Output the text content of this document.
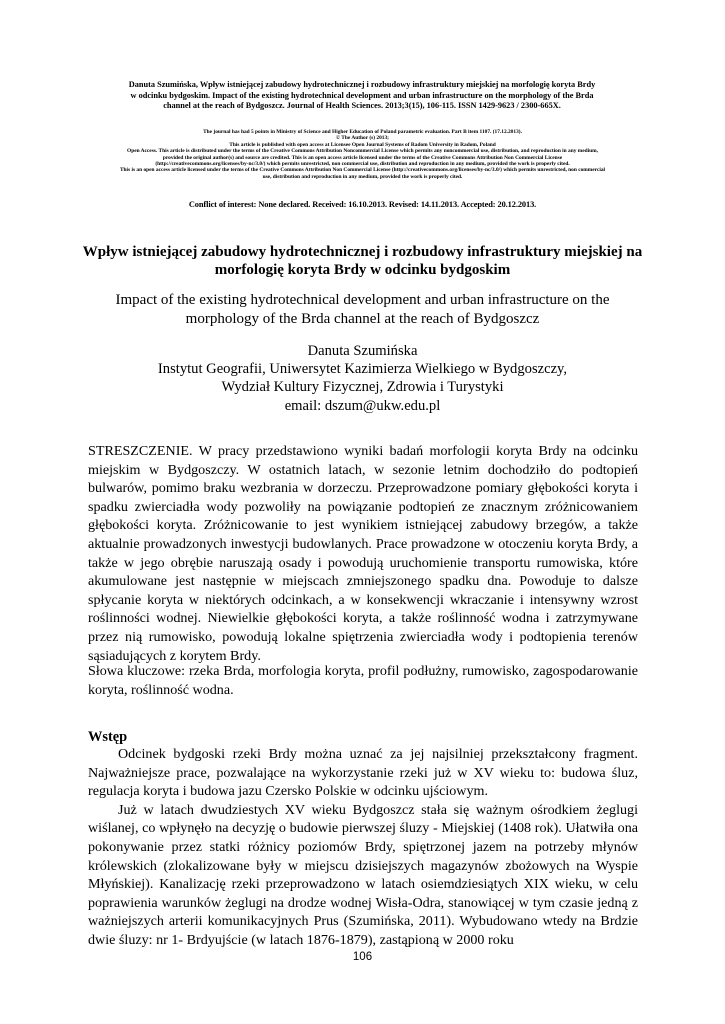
Danuta Szumińska, Wpływ istniejącej zabudowy hydrotechnicznej i rozbudowy infrastruktury miejskiej na morfologię koryta Brdy
w odcinku bydgoskim. Impact of the existing hydrotechnical development and urban infrastructure on the morphology of the Brda
channel at the reach of Bydgoszcz. Journal of Health Sciences. 2013;3(15), 106-115. ISSN 1429-9623 / 2300-665X.
The journal has had 5 points in Ministry of Science and Higher Education of Poland parametric evaluation. Part B item 1107. (17.12.2013).
© The Author (s) 2013;
This article is published with open access at Licensee Open Journal Systems of Radom University in Radom, Poland
Open Access. This article is distributed under the terms of the Creative Commons Attribution Noncommercial License which permits any noncommercial use, distribution, and reproduction in any medium,
provided the original author(s) and source are credited. This is an open access article licensed under the terms of the Creative Commons Attribution Non Commercial License
(http://creativecommons.org/licenses/by-nc/3.0/) which permits unrestricted, non commercial use, distribution and reproduction in any medium, provided the work is properly cited.
This is an open access article licensed under the terms of the Creative Commons Attribution Non Commercial License (http://creativecommons.org/licenses/by-nc/3.0/) which permits unrestricted, non commercial
use, distribution and reproduction in any medium, provided the work is properly cited.
Conflict of interest: None declared. Received: 16.10.2013. Revised: 14.11.2013. Accepted: 20.12.2013.
Wpływ istniejącej zabudowy hydrotechnicznej i rozbudowy infrastruktury miejskiej na morfologię koryta Brdy w odcinku bydgoskim
Impact of the existing hydrotechnical development and urban infrastructure on the morphology of the Brda channel at the reach of Bydgoszcz
Danuta Szumińska
Instytut Geografii, Uniwersytet Kazimierza Wielkiego w Bydgoszczy,
Wydział Kultury Fizycznej, Zdrowia i Turystyki
email: dszum@ukw.edu.pl
STRESZCZENIE. W pracy przedstawiono wyniki badań morfologii koryta Brdy na odcinku miejskim w Bydgoszczy. W ostatnich latach, w sezonie letnim dochodziło do podtopień bulwarów, pomimo braku wezbrania w dorzeczu. Przeprowadzone pomiary głębokości koryta i spadku zwierciadła wody pozwoliły na powiązanie podtopień ze znacznym zróżnicowaniem głębokości koryta. Zróżnicowanie to jest wynikiem istniejącej zabudowy brzegów, a także aktualnie prowadzonych inwestycji budowlanych. Prace prowadzone w otoczeniu koryta Brdy, a także w jego obrębie naruszają osady i powodują uruchomienie transportu rumowiska, które akumulowane jest następnie w miejscach zmniejszonego spadku dna. Powoduje to dalsze spłycanie koryta w niektórych odcinkach, a w konsekwencji wkraczanie i intensywny wzrost roślinności wodnej. Niewielkie głębokości koryta, a także roślinność wodna i zatrzymywane przez nią rumowisko, powodują lokalne spiętrzenia zwierciadła wody i podtopienia terenów sąsiadujących z korytem Brdy.
Słowa kluczowe: rzeka Brda, morfologia koryta, profil podłużny, rumowisko, zagospodarowanie koryta, roślinność wodna.
Wstęp

Odcinek bydgoski rzeki Brdy można uznać za jej najsilniej przekształcony fragment. Najważniejsze prace, pozwalające na wykorzystanie rzeki już w XV wieku to: budowa śluz, regulacja koryta i budowa jazu Czersko Polskie w odcinku ujściowym.

Już w latach dwudziestych XV wieku Bydgoszcz stała się ważnym ośrodkiem żeglugi wiślanej, co wpłynęło na decyzję o budowie pierwszej śluzy - Miejskiej (1408 rok). Ułatwiła ona pokonywanie przez statki różnicy poziomów Brdy, spiętrzonej jazem na potrzeby młynów królewskich (zlokalizowane były w miejscu dzisiejszych magazynów zbożowych na Wyspie Młyńskiej). Kanalizację rzeki przeprowadzono w latach osiemdziesiątych XIX wieku, w celu poprawienia warunków żeglugi na drodze wodnej Wisła-Odra, stanowiącej w tym czasie jedną z ważniejszych arterii komunikacyjnych Prus (Szumińska, 2011). Wybudowano wtedy na Brdzie dwie śluzy: nr 1- Brdyujście (w latach 1876-1879), zastąpioną w 2000 roku

106
